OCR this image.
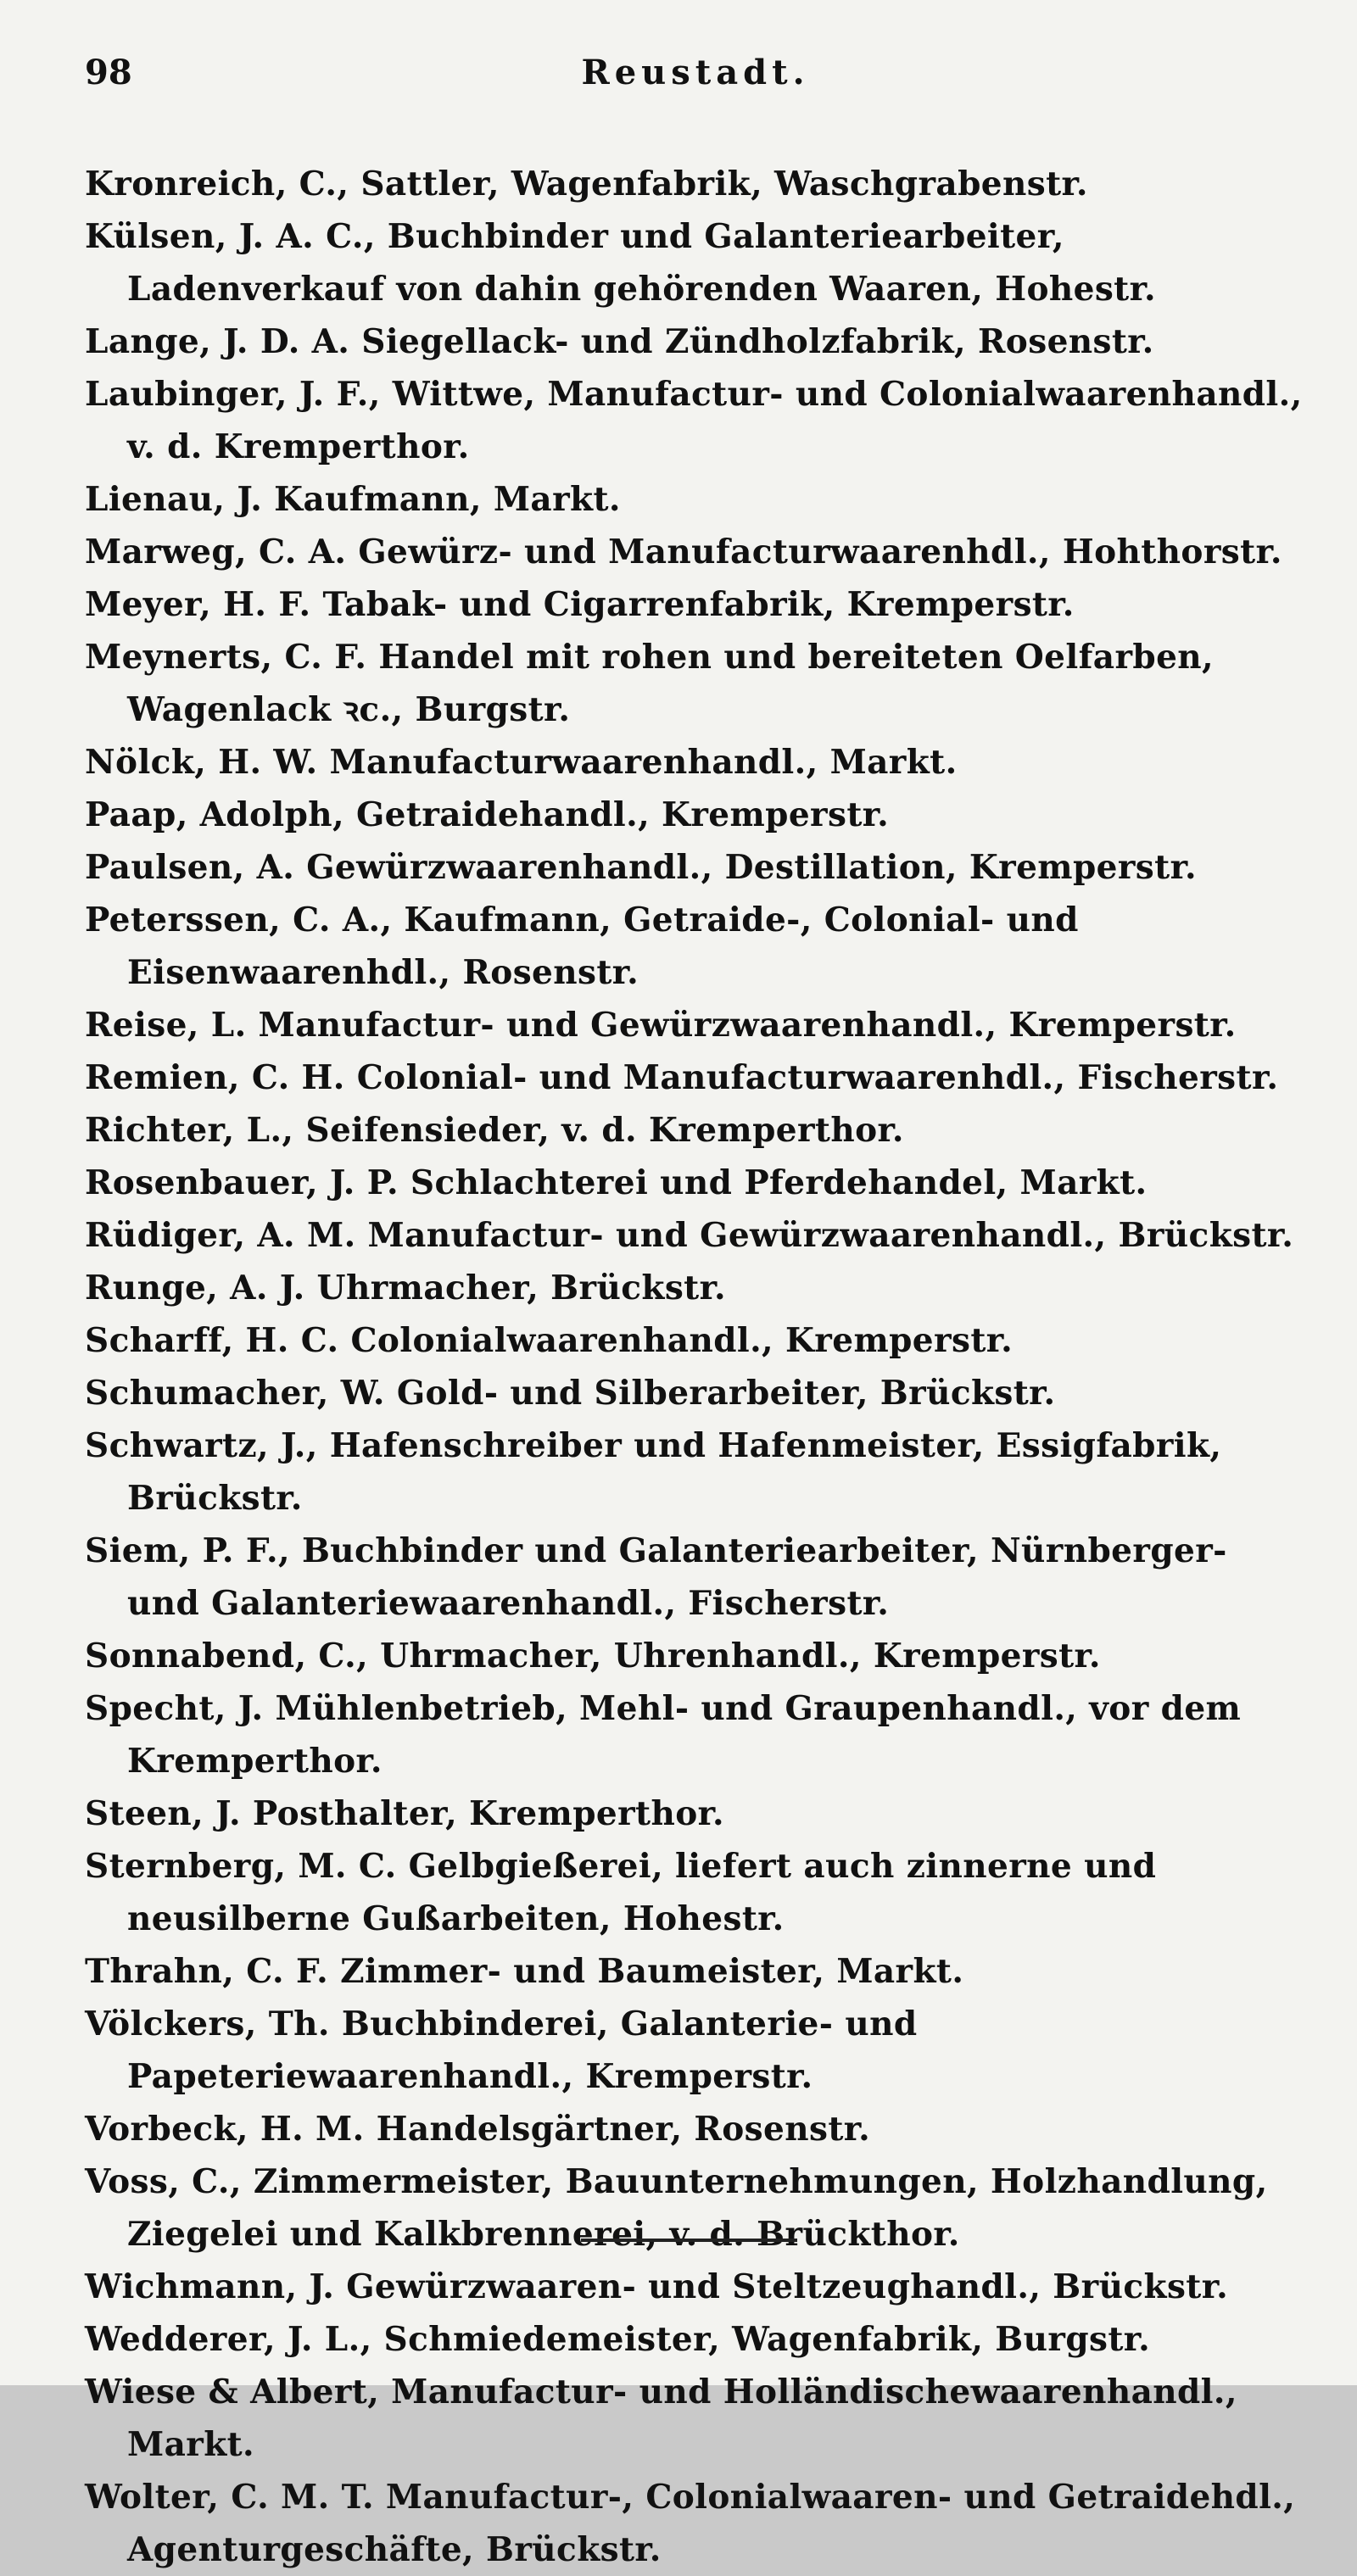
98	Reustadt.
Kronreich, C., Sattler, Wagenfabrik, Waschgrabenstr.
Külsen, J. A. C., Buchbinder und Galanteriearbeiter, Ladenverkauf von dahin gehörenden Waaren, Hohestr.
Lange, J. D. A. Siegellack- und Zündholzfabrik, Rosenstr.
Laubinger, J. F., Wittwe, Manufactur- und Colonialwaarenhandl., v. d. Kremperthor.
Lienau, J. Kaufmann, Markt.
Marweg, C. A. Gewürz- und Manufacturwaarenhdl., Hohthorstr.
Meyer, H. F. Tabak- und Cigarrenfabrik, Kremperstr.
Meynerts, C. F. Handel mit rohen und bereiteten Oelfarben, Wagenlack ꝛc., Burgstr.
Nölck, H. W. Manufacturwaarenhandl., Markt.
Paap, Adolph, Getraidehandl., Kremperstr.
Paulsen, A. Gewürzwaarenhandl., Destillation, Kremperstr.
Peterssen, C. A., Kaufmann, Getraide-, Colonial- und Eisenwaarenhdl., Rosenstr.
Reise, L. Manufactur- und Gewürzwaarenhandl., Kremperstr.
Remien, C. H. Colonial- und Manufacturwaarenhdl., Fischerstr.
Richter, L., Seifensieder, v. d. Kremperthor.
Rosenbauer, J. P. Schlachterei und Pferdehandel, Markt.
Rüdiger, A. M. Manufactur- und Gewürzwaarenhandl., Brückstr.
Runge, A. J. Uhrmacher, Brückstr.
Scharff, H. C. Colonialwaarenhandl., Kremperstr.
Schumacher, W. Gold- und Silberarbeiter, Brückstr.
Schwartz, J., Hafenschreiber und Hafenmeister, Essigfabrik, Brückstr.
Siem, P. F., Buchbinder und Galanteriearbeiter, Nürnberger- und Galanteriewaarenhandl., Fischerstr.
Sonnabend, C., Uhrmacher, Uhrenhandl., Kremperstr.
Specht, J. Mühlenbetrieb, Mehl- und Graupenhandl., vor dem Kremperthor.
Steen, J. Posthalter, Kremperthor.
Sternberg, M. C. Gelbgießerei, liefert auch zinnerne und neusilberne Gußarbeiten, Hohestr.
Thrahn, C. F. Zimmer- und Baumeister, Markt.
Völckers, Th. Buchbinderei, Galanterie- und Papeteriewaarenhandl., Kremperstr.
Vorbeck, H. M. Handelsgärtner, Rosenstr.
Voss, C., Zimmermeister, Bauunternehmungen, Holzhandlung, Ziegelei und Kalkbrennerei, v. d. Brückthor.
Wichmann, J. Gewürzwaaren- und Steltzeughandl., Brückstr.
Wedderer, J. L., Schmiedemeister, Wagenfabrik, Burgstr.
Wiese & Albert, Manufactur- und Holländischewaarenhandl., Markt.
Wolter, C. M. T. Manufactur-, Colonialwaaren- und Getraidehdl., Agenturgeschäfte, Brückstr.
